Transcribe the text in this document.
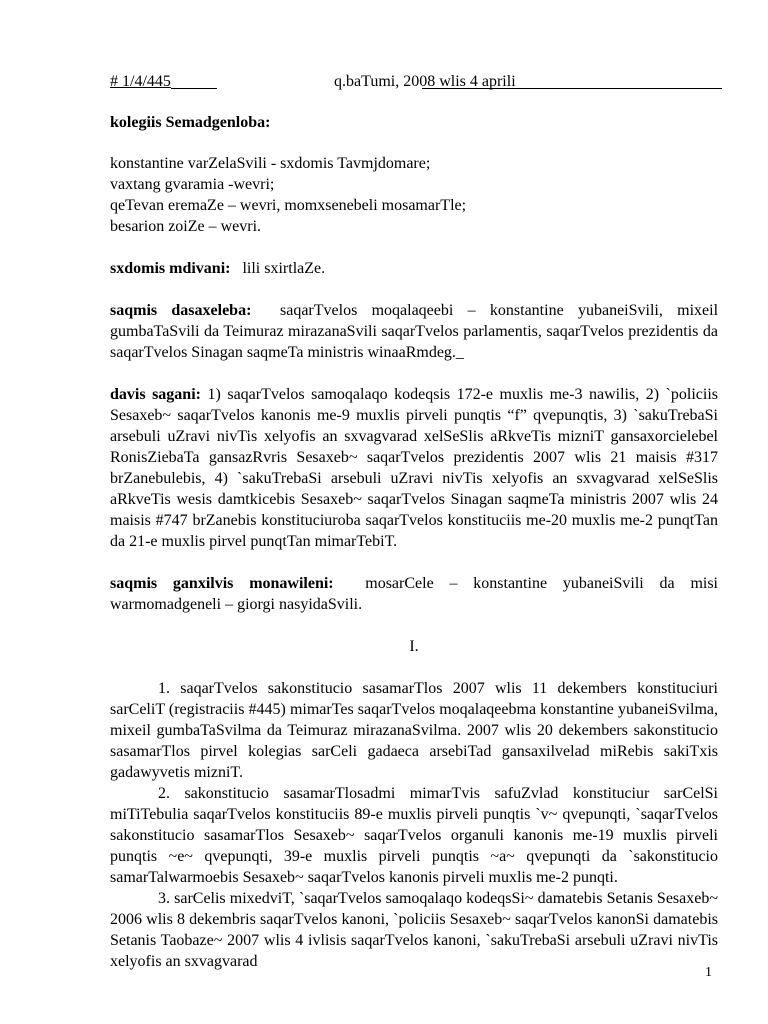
# 1/4/445	q.baTumi, 2008 wlis 4 aprili

kolegiis Semadgenloba:

konstantine varZelaSvili - sxdomis Tavmjdomare;

vaxtang gvaramia -wevri;

qeTevan eremaZe – wevri, momxsenebeli mosamarTle;

besarion zoiZe – wevri.

sxdomis mdivani: lili sxirtlaZe.

saqmis dasaxeleba: saqarTvelos moqalaqeebi – konstantine yubaneiSvili, mixeil gumbaTaSvili da Teimuraz mirazanaSvili saqarTvelos parlamentis, saqarTvelos prezidentis da saqarTvelos Sinagan saqmeTa ministris winaaRmdeg._

davis sagani: 1) saqarTvelos samoqalaqo kodeqsis 172-e muxlis me-3 nawilis, 2) `policiis Sesaxeb~ saqarTvelos kanonis me-9 muxlis pirveli punqtis “f” qvepunqtis, 3) `sakuTrebaSi arsebuli uZravi nivTis xelyofis an sxvagvarad xelSeSlis aRkveTis mizniT gansaxorcielebel RonisZiebaTa gansazRvris Sesaxeb~ saqarTvelos prezidentis 2007 wlis 21 maisis #317 brZanebulebis, 4) `sakuTrebaSi arsebuli uZravi nivTis xelyofis an sxvagvarad xelSeSlis aRkveTis wesis damtkicebis Sesaxeb~ saqarTvelos Sinagan saqmeTa ministris 2007 wlis 24 maisis #747 brZanebis konstituciuroba saqarTvelos konstituciis me-20 muxlis me-2 punqtTan da 21-e muxlis pirvel punqtTan mimarTebiT.

saqmis ganxilvis monawileni: mosarCele – konstantine yubaneiSvili da misi warmomadgeneli – giorgi nasyidaSvili.

I.

1. saqarTvelos sakonstitucio sasamarTlos 2007 wlis 11 dekembers konstituciuri sarCeliT (registraciis #445) mimarTes saqarTvelos moqalaqeebma konstantine yubaneiSvilma, mixeil gumbaTaSvilma da Teimuraz mirazanaSvilma. 2007 wlis 20 dekembers sakonstitucio sasamarTlos pirvel kolegias sarCeli gadaeca arsebiTad gansaxilvelad miRebis sakiTxis gadawyvetis mizniT.

2. sakonstitucio sasamarTlosadmi mimarTvis safuZvlad konstituciur sarCelSi miTiTebulia saqarTvelos konstituciis 89-e muxlis pirveli punqtis `v~ qvepunqti, `saqarTvelos sakonstitucio sasamarTlos Sesaxeb~ saqarTvelos organuli kanonis me-19 muxlis pirveli punqtis ~e~ qvepunqti, 39-e muxlis pirveli punqtis ~a~ qvepunqti da `sakonstitucio samarTalwarmoebis Sesaxeb~ saqarTvelos kanonis pirveli muxlis me-2 punqti.

3. sarCelis mixedviT, `saqarTvelos samoqalaqo kodeqsSi~ damatebis Setanis Sesaxeb~ 2006 wlis 8 dekembris saqarTvelos kanoni, `policiis Sesaxeb~ saqarTvelos kanonSi damatebis Setanis Taobaze~ 2007 wlis 4 ivlisis saqarTvelos kanoni, `sakuTrebaSi arsebuli uZravi nivTis xelyofis an sxvagvarad

1
